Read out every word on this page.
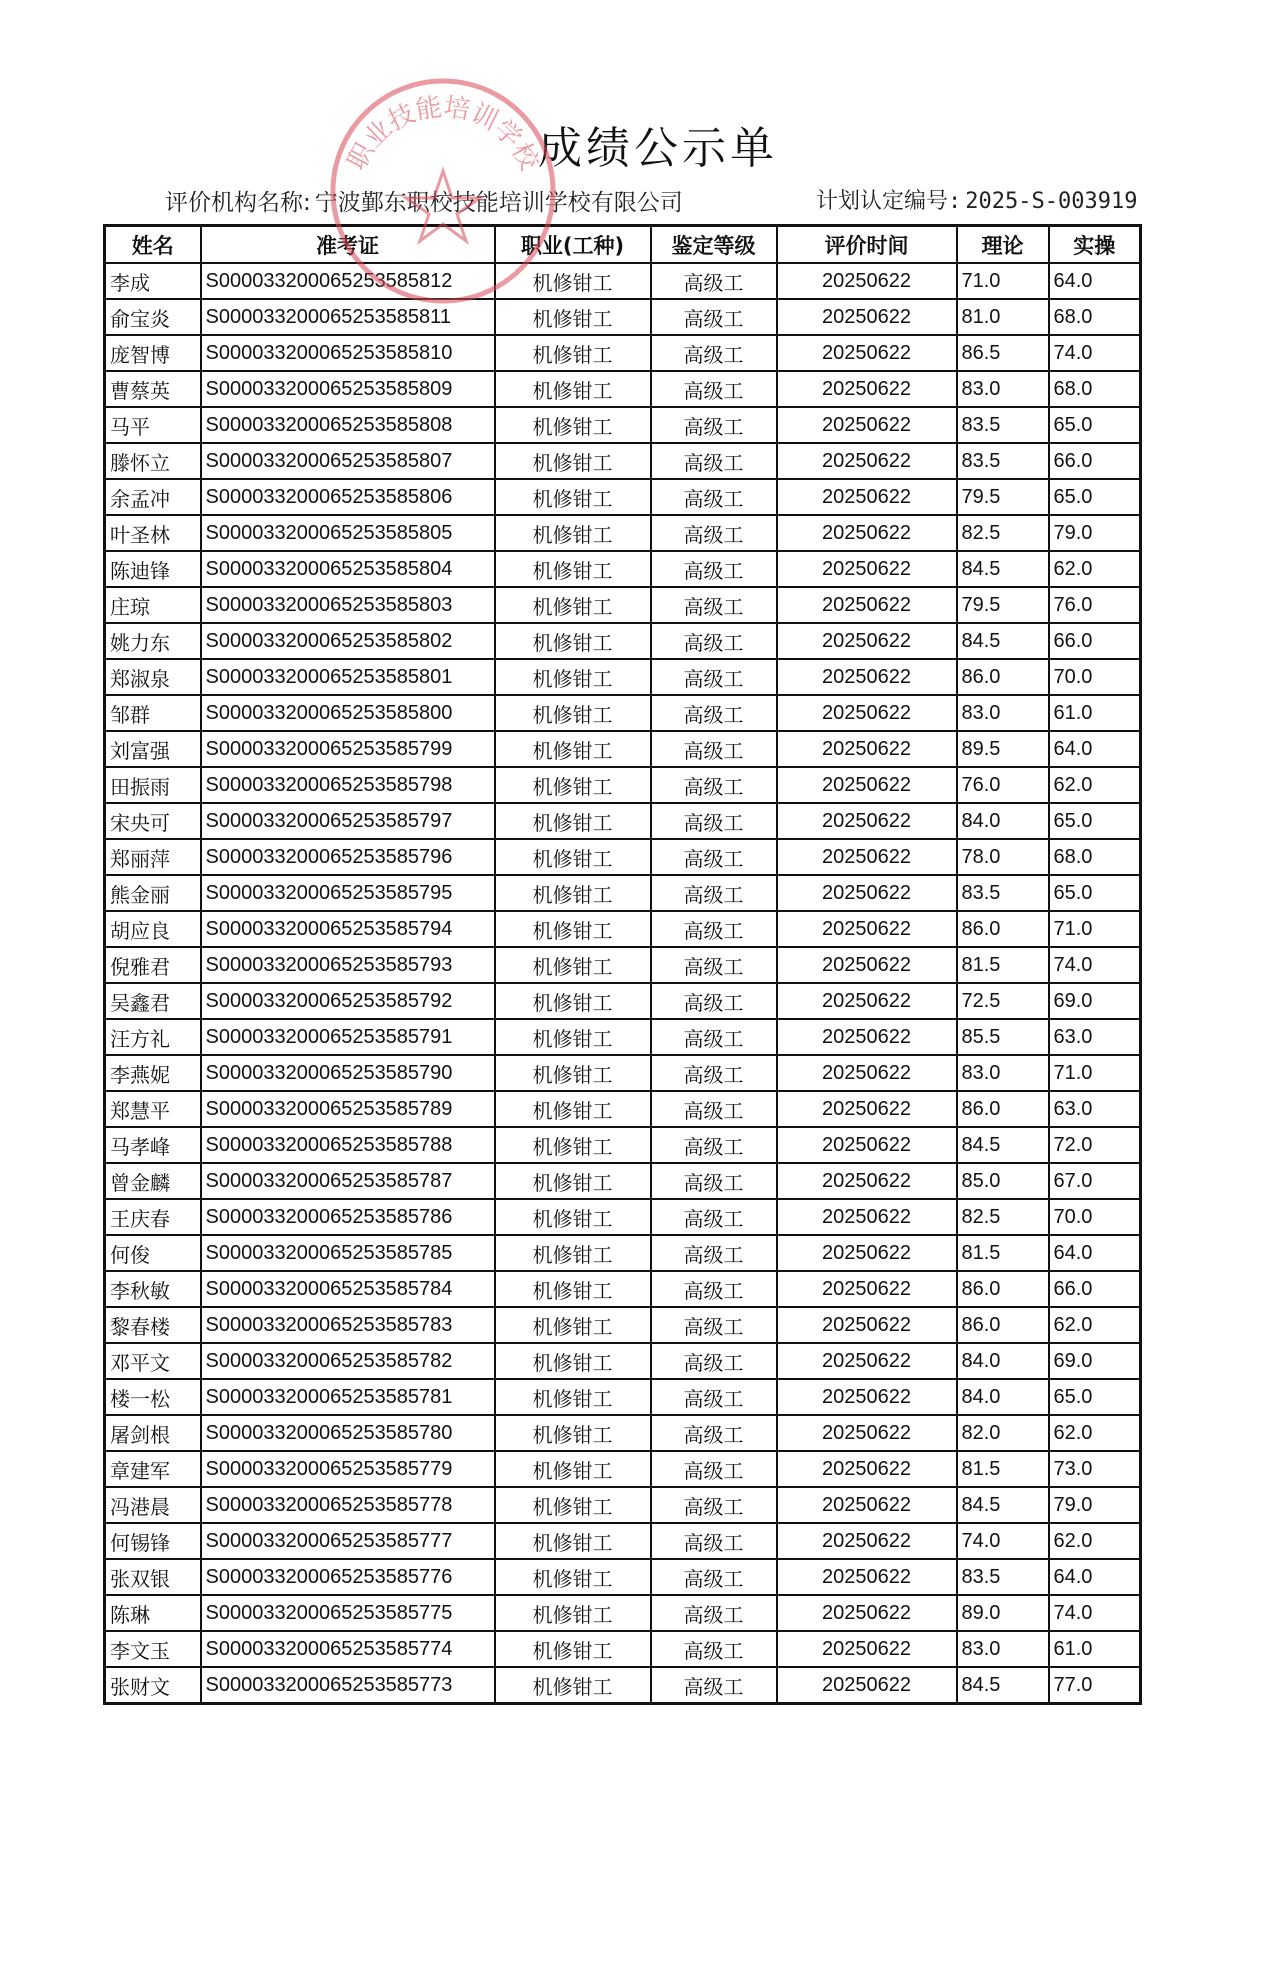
成绩公示单
评价机构名称: 宁波鄞东职校技能培训学校有限公司	计划认定编号: 2025-S-003919
姓名	准考证	职业(工种)	鉴定等级	评价时间	理论	实操
李成	S000033200065253585812	机修钳工	高级工	20250622	71.0	64.0
俞宝炎	S000033200065253585811	机修钳工	高级工	20250622	81.0	68.0
庞智博	S000033200065253585810	机修钳工	高级工	20250622	86.5	74.0
曹蔡英	S000033200065253585809	机修钳工	高级工	20250622	83.0	68.0
马平	S000033200065253585808	机修钳工	高级工	20250622	83.5	65.0
滕怀立	S000033200065253585807	机修钳工	高级工	20250622	83.5	66.0
余孟冲	S000033200065253585806	机修钳工	高级工	20250622	79.5	65.0
叶圣林	S000033200065253585805	机修钳工	高级工	20250622	82.5	79.0
陈迪锋	S000033200065253585804	机修钳工	高级工	20250622	84.5	62.0
庄琼	S000033200065253585803	机修钳工	高级工	20250622	79.5	76.0
姚力东	S000033200065253585802	机修钳工	高级工	20250622	84.5	66.0
郑淑泉	S000033200065253585801	机修钳工	高级工	20250622	86.0	70.0
邹群	S000033200065253585800	机修钳工	高级工	20250622	83.0	61.0
刘富强	S000033200065253585799	机修钳工	高级工	20250622	89.5	64.0
田振雨	S000033200065253585798	机修钳工	高级工	20250622	76.0	62.0
宋央可	S000033200065253585797	机修钳工	高级工	20250622	84.0	65.0
郑丽萍	S000033200065253585796	机修钳工	高级工	20250622	78.0	68.0
熊金丽	S000033200065253585795	机修钳工	高级工	20250622	83.5	65.0
胡应良	S000033200065253585794	机修钳工	高级工	20250622	86.0	71.0
倪雅君	S000033200065253585793	机修钳工	高级工	20250622	81.5	74.0
吴鑫君	S000033200065253585792	机修钳工	高级工	20250622	72.5	69.0
汪方礼	S000033200065253585791	机修钳工	高级工	20250622	85.5	63.0
李燕妮	S000033200065253585790	机修钳工	高级工	20250622	83.0	71.0
郑慧平	S000033200065253585789	机修钳工	高级工	20250622	86.0	63.0
马孝峰	S000033200065253585788	机修钳工	高级工	20250622	84.5	72.0
曾金麟	S000033200065253585787	机修钳工	高级工	20250622	85.0	67.0
王庆春	S000033200065253585786	机修钳工	高级工	20250622	82.5	70.0
何俊	S000033200065253585785	机修钳工	高级工	20250622	81.5	64.0
李秋敏	S000033200065253585784	机修钳工	高级工	20250622	86.0	66.0
黎春楼	S000033200065253585783	机修钳工	高级工	20250622	86.0	62.0
邓平文	S000033200065253585782	机修钳工	高级工	20250622	84.0	69.0
楼一松	S000033200065253585781	机修钳工	高级工	20250622	84.0	65.0
屠剑根	S000033200065253585780	机修钳工	高级工	20250622	82.0	62.0
章建军	S000033200065253585779	机修钳工	高级工	20250622	81.5	73.0
冯港晨	S000033200065253585778	机修钳工	高级工	20250622	84.5	79.0
何锡锋	S000033200065253585777	机修钳工	高级工	20250622	74.0	62.0
张双银	S000033200065253585776	机修钳工	高级工	20250622	83.5	64.0
陈琳	S000033200065253585775	机修钳工	高级工	20250622	89.0	74.0
李文玉	S000033200065253585774	机修钳工	高级工	20250622	83.0	61.0
张财文	S000033200065253585773	机修钳工	高级工	20250622	84.5	77.0
职业技能培训学校
